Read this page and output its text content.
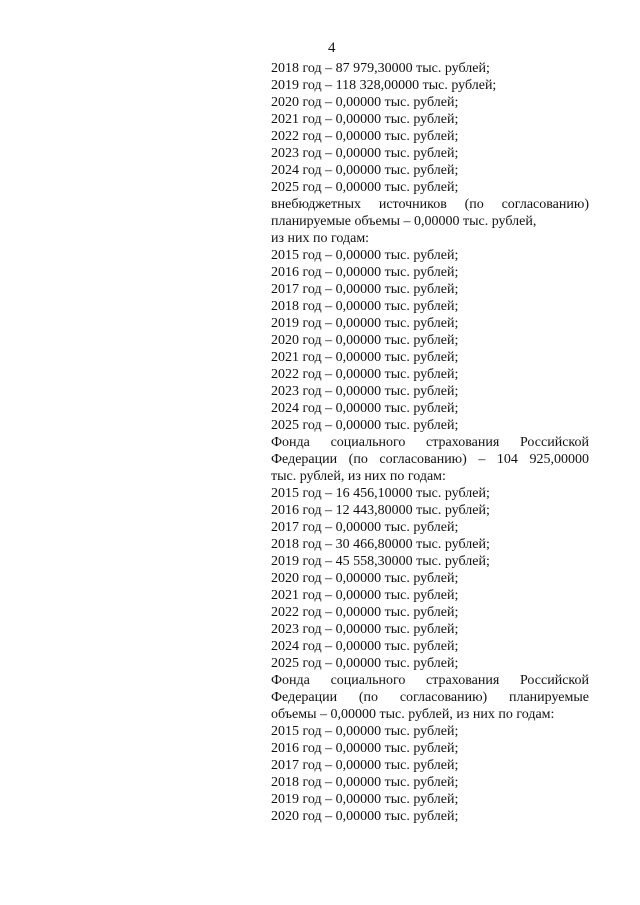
4
2018 год – 87 979,30000 тыс. рублей;
2019 год – 118 328,00000 тыс. рублей;
2020 год – 0,00000 тыс. рублей;
2021 год – 0,00000 тыс. рублей;
2022 год – 0,00000 тыс. рублей;
2023 год – 0,00000 тыс. рублей;
2024 год – 0,00000 тыс. рублей;
2025 год – 0,00000 тыс. рублей;
внебюджетных источников (по согласованию)
планируемые объемы – 0,00000 тыс. рублей,
из них по годам:
2015 год – 0,00000 тыс. рублей;
2016 год – 0,00000 тыс. рублей;
2017 год – 0,00000 тыс. рублей;
2018 год – 0,00000 тыс. рублей;
2019 год – 0,00000 тыс. рублей;
2020 год – 0,00000 тыс. рублей;
2021 год – 0,00000 тыс. рублей;
2022 год – 0,00000 тыс. рублей;
2023 год – 0,00000 тыс. рублей;
2024 год – 0,00000 тыс. рублей;
2025 год – 0,00000 тыс. рублей;
Фонда социального страхования Российской
Федерации (по согласованию) – 104 925,00000
тыс. рублей, из них по годам:
2015 год – 16 456,10000 тыс. рублей;
2016 год – 12 443,80000 тыс. рублей;
2017 год – 0,00000 тыс. рублей;
2018 год – 30 466,80000 тыс. рублей;
2019 год – 45 558,30000 тыс. рублей;
2020 год – 0,00000 тыс. рублей;
2021 год – 0,00000 тыс. рублей;
2022 год – 0,00000 тыс. рублей;
2023 год – 0,00000 тыс. рублей;
2024 год – 0,00000 тыс. рублей;
2025 год – 0,00000 тыс. рублей;
Фонда социального страхования Российской
Федерации (по согласованию) планируемые
объемы – 0,00000 тыс. рублей, из них по годам:
2015 год – 0,00000 тыс. рублей;
2016 год – 0,00000 тыс. рублей;
2017 год – 0,00000 тыс. рублей;
2018 год – 0,00000 тыс. рублей;
2019 год – 0,00000 тыс. рублей;
2020 год – 0,00000 тыс. рублей;
